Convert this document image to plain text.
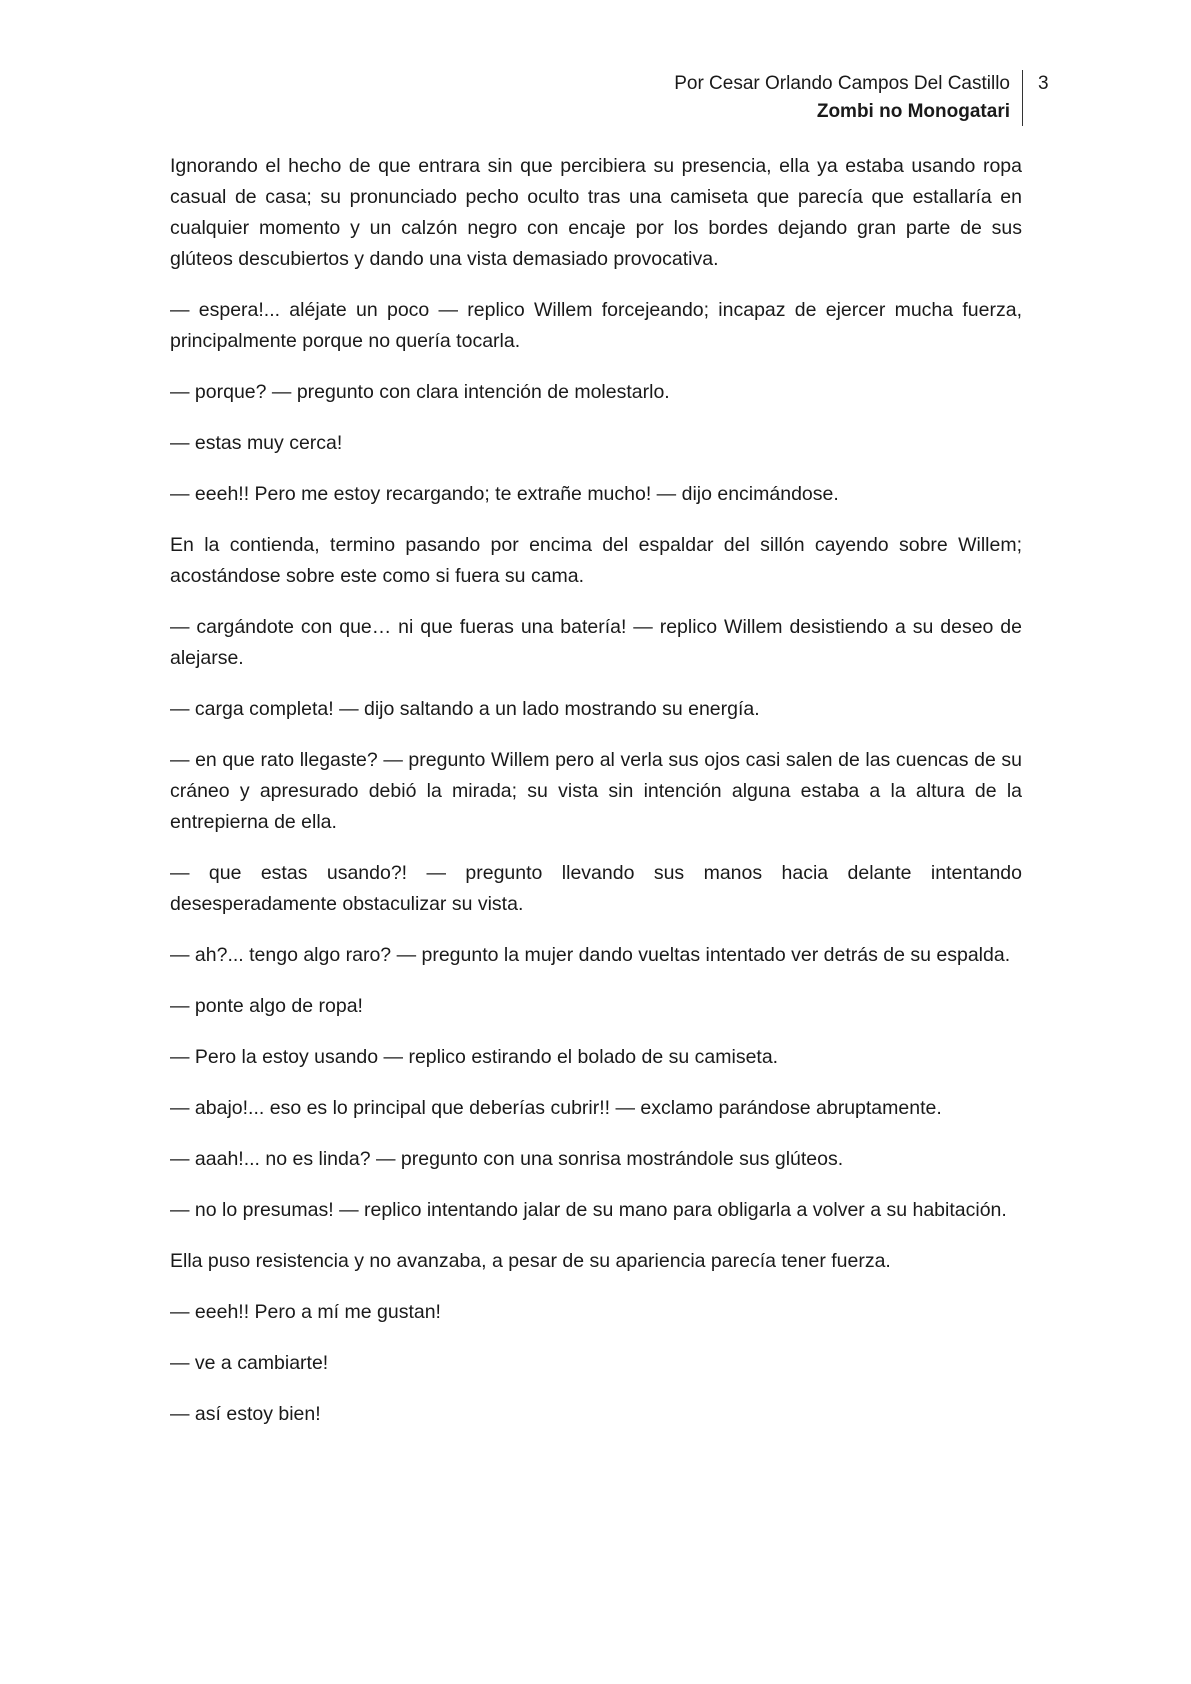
Por Cesar Orlando Campos Del Castillo
Zombi no Monogatari
3

Ignorando el hecho de que entrara sin que percibiera su presencia, ella ya estaba usando ropa casual de casa; su pronunciado pecho oculto tras una camiseta que parecía que estallaría en cualquier momento y un calzón negro con encaje por los bordes dejando gran parte de sus glúteos descubiertos y dando una vista demasiado provocativa.

— espera!... aléjate un poco — replico Willem forcejeando; incapaz de ejercer mucha fuerza, principalmente porque no quería tocarla.

— porque? — pregunto con clara intención de molestarlo.

— estas muy cerca!

— eeeh!! Pero me estoy recargando; te extrañe mucho! — dijo encimándose.

En la contienda, termino pasando por encima del espaldar del sillón cayendo sobre Willem; acostándose sobre este como si fuera su cama.

— cargándote con que… ni que fueras una batería! — replico Willem desistiendo a su deseo de alejarse.

— carga completa! — dijo saltando a un lado mostrando su energía.

— en que rato llegaste? — pregunto Willem pero al verla sus ojos casi salen de las cuencas de su cráneo y apresurado debió la mirada; su vista sin intención alguna estaba a la altura de la entrepierna de ella.

— que estas usando?! — pregunto llevando sus manos hacia delante intentando desesperadamente obstaculizar su vista.

— ah?... tengo algo raro? — pregunto la mujer dando vueltas intentado ver detrás de su espalda.

— ponte algo de ropa!

— Pero la estoy usando — replico estirando el bolado de su camiseta.

— abajo!... eso es lo principal que deberías cubrir!! — exclamo parándose abruptamente.

— aaah!... no es linda? — pregunto con una sonrisa mostrándole sus glúteos.

— no lo presumas! — replico intentando jalar de su mano para obligarla a volver a su habitación.

Ella puso resistencia y no avanzaba, a pesar de su apariencia parecía tener fuerza.

— eeeh!! Pero a mí me gustan!

— ve a cambiarte!

— así estoy bien!
